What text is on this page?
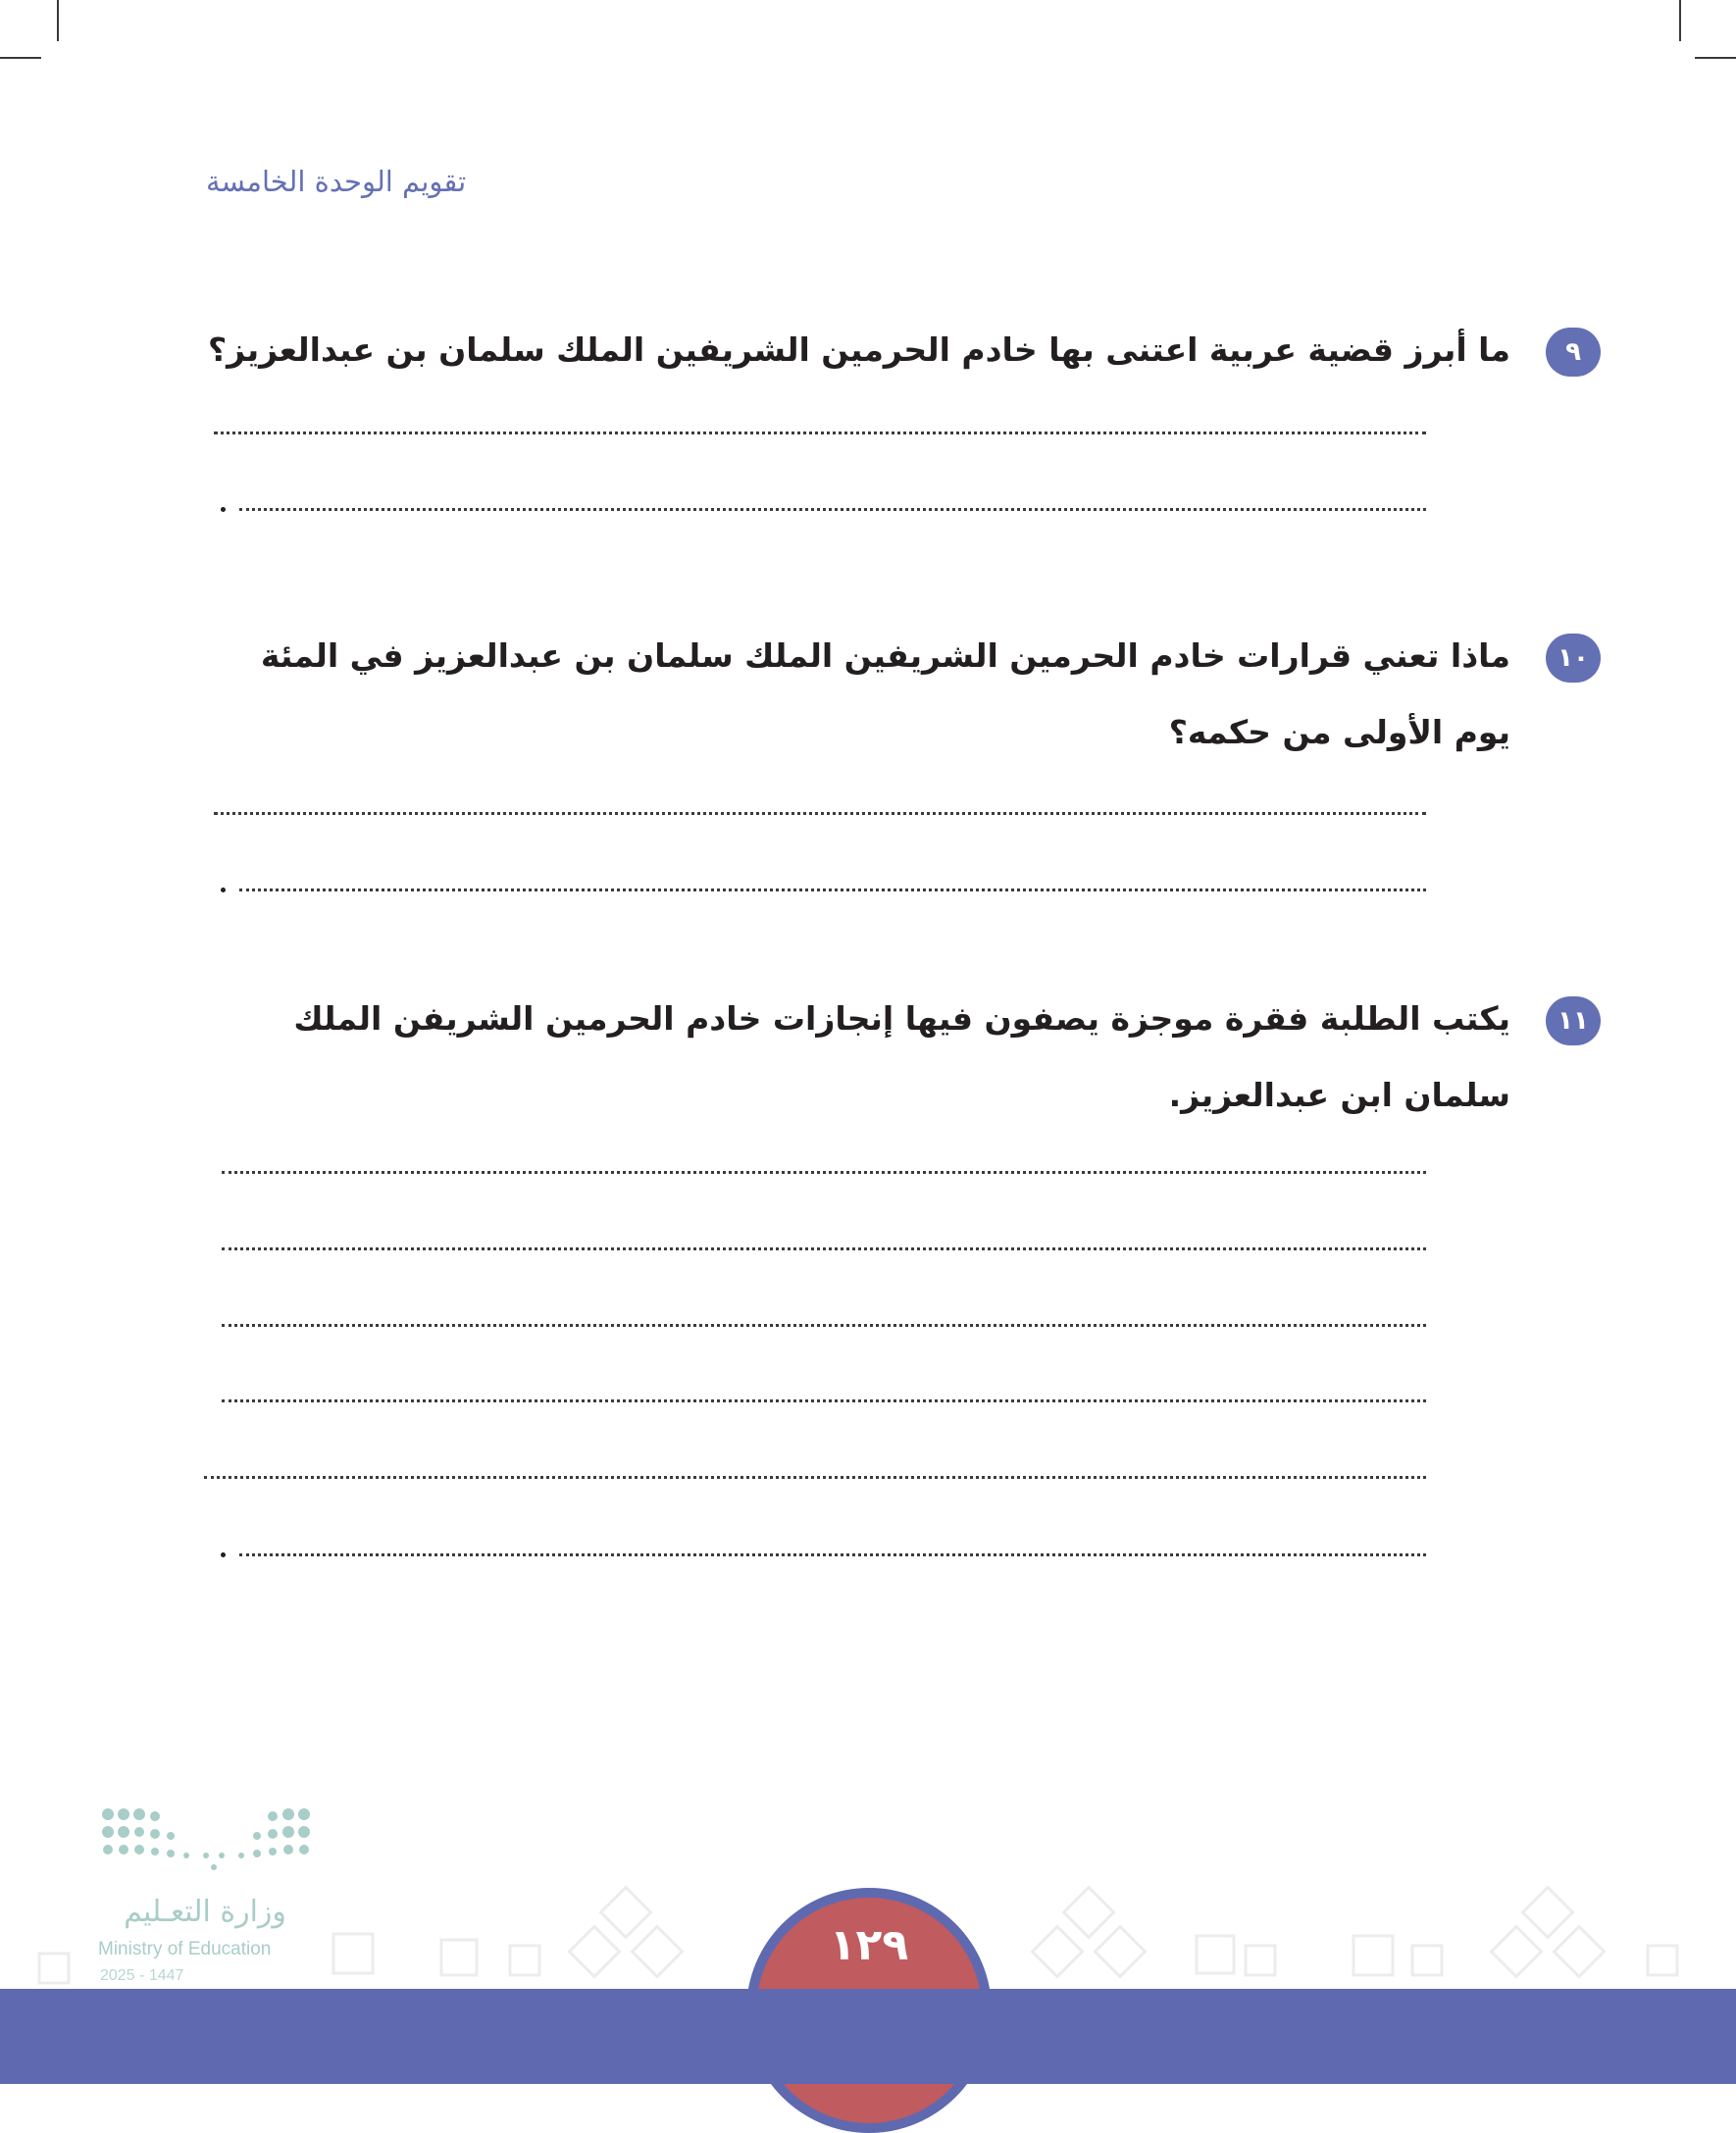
تقويم الوحدة الخامسة
٩

ما أبرز قضية عربية اعتنى بها خادم الحرمين الشريفين الملك سلمان بن عبدالعزيز؟

١٠

ماذا تعني قرارات خادم الحرمين الشريفين الملك سلمان بن عبدالعزيز في المئة يوم الأولى من حكمه؟

١١

يكتب الطلبة فقرة موجزة يصفون فيها إنجازات خادم الحرمين الشريفن الملك سلمان ابن عبدالعزيز.

١٢٩
وزارة التعـليم
Ministry of Education
2025 - 1447
